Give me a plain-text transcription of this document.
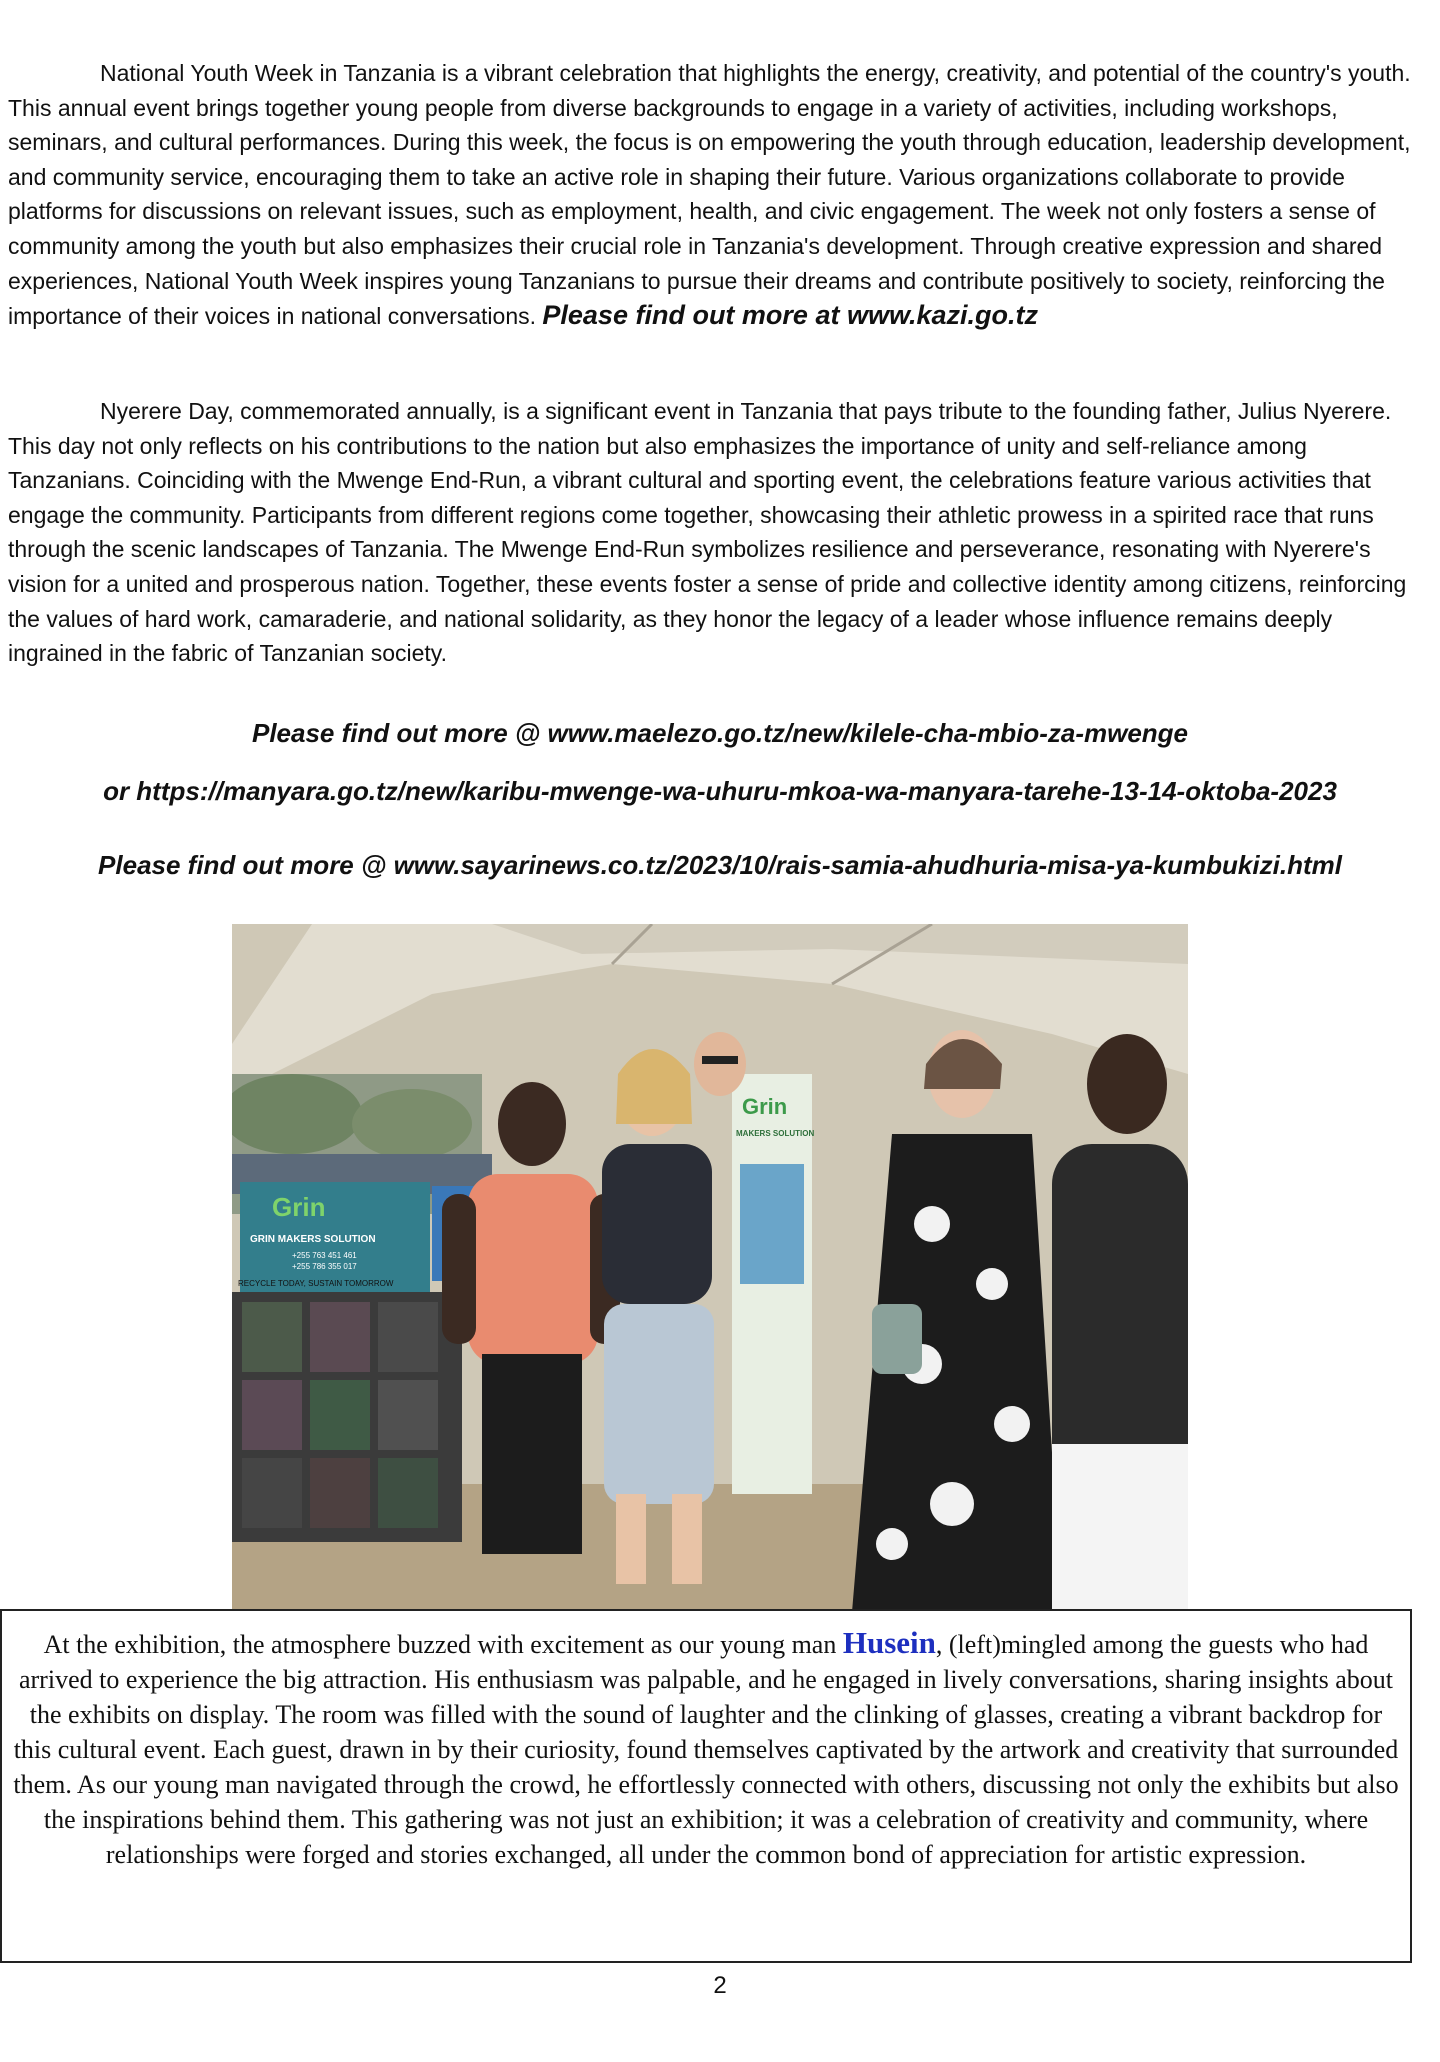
National Youth Week in Tanzania is a vibrant celebration that highlights the energy, creativity, and potential of the country's youth. This annual event brings together young people from diverse backgrounds to engage in a variety of activities, including workshops, seminars, and cultural performances. During this week, the focus is on empowering the youth through education, leadership development, and community service, encouraging them to take an active role in shaping their future. Various organizations collaborate to provide platforms for discussions on relevant issues, such as employment, health, and civic engagement. The week not only fosters a sense of community among the youth but also emphasizes their crucial role in Tanzania's development. Through creative expression and shared experiences, National Youth Week inspires young Tanzanians to pursue their dreams and contribute positively to society, reinforcing the importance of their voices in national conversations. Please find out more at www.kazi.go.tz

Nyerere Day, commemorated annually, is a significant event in Tanzania that pays tribute to the founding father, Julius Nyerere. This day not only reflects on his contributions to the nation but also emphasizes the importance of unity and self-reliance among Tanzanians. Coinciding with the Mwenge End-Run, a vibrant cultural and sporting event, the celebrations feature various activities that engage the community. Participants from different regions come together, showcasing their athletic prowess in a spirited race that runs through the scenic landscapes of Tanzania. The Mwenge End-Run symbolizes resilience and perseverance, resonating with Nyerere's vision for a united and prosperous nation. Together, these events foster a sense of pride and collective identity among citizens, reinforcing the values of hard work, camaraderie, and national solidarity, as they honor the legacy of a leader whose influence remains deeply ingrained in the fabric of Tanzanian society.

Please find out more @ www.maelezo.go.tz/new/kilele-cha-mbio-za-mwenge

or https://manyara.go.tz/new/karibu-mwenge-wa-uhuru-mkoa-wa-manyara-tarehe-13-14-oktoba-2023

Please find out more @ www.sayarinews.co.tz/2023/10/rais-samia-ahudhuria-misa-ya-kumbukizi.html

Grin
GRIN MAKERS SOLUTION
+255 763 451 461
+255 786 355 017
RECYCLE TODAY, SUSTAIN TOMORROW
Grin
MAKERS SOLUTION

At the exhibition, the atmosphere buzzed with excitement as our young man Husein, (left)mingled among the guests who had arrived to experience the big attraction. His enthusiasm was palpable, and he engaged in lively conversations, sharing insights about the exhibits on display. The room was filled with the sound of laughter and the clinking of glasses, creating a vibrant backdrop for this cultural event. Each guest, drawn in by their curiosity, found themselves captivated by the artwork and creativity that surrounded them. As our young man navigated through the crowd, he effortlessly connected with others, discussing not only the exhibits but also the inspirations behind them. This gathering was not just an exhibition; it was a celebration of creativity and community, where relationships were forged and stories exchanged, all under the common bond of appreciation for artistic expression.

2
